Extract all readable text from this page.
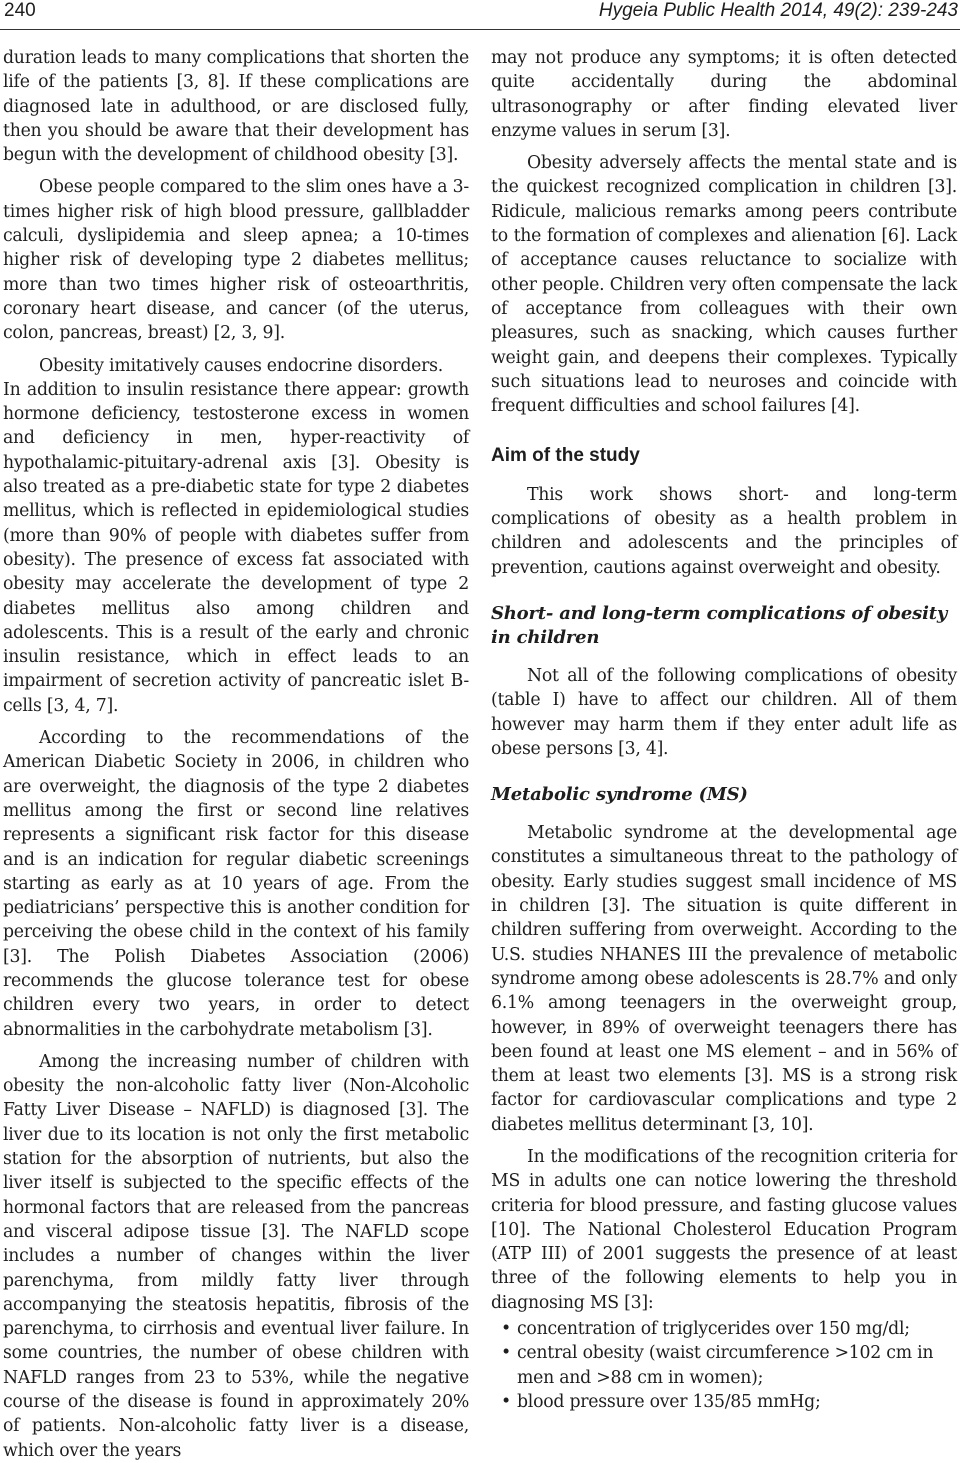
240	Hygeia Public Health 2014, 49(2): 239-243

duration leads to many complications that shorten the life of the patients [3, 8]. If these complications are diagnosed late in adulthood, or are disclosed fully, then you should be aware that their development has begun with the development of childhood obesity [3].

Obese people compared to the slim ones have a 3-times higher risk of high blood pressure, gallbladder calculi, dyslipidemia and sleep apnea; a 10-times higher risk of developing type 2 diabetes mellitus; more than two times higher risk of osteoarthritis, coronary heart disease, and cancer (of the uterus, colon, pancreas, breast) [2, 3, 9].

Obesity imitatively causes endocrine disorders.

In addition to insulin resistance there appear: growth hormone deficiency, testosterone excess in women and deficiency in men, hyper-reactivity of hypothalamic-pituitary-adrenal axis [3]. Obesity is also treated as a pre-diabetic state for type 2 diabetes mellitus, which is reflected in epidemiological studies (more than 90% of people with diabetes suffer from obesity). The presence of excess fat associated with obesity may accelerate the development of type 2 diabetes mellitus also among children and adolescents. This is a result of the early and chronic insulin resistance, which in effect leads to an impairment of secretion activity of pancreatic islet B-cells [3, 4, 7].

According to the recommendations of the American Diabetic Society in 2006, in children who are overweight, the diagnosis of the type 2 diabetes mellitus among the first or second line relatives represents a significant risk factor for this disease and is an indication for regular diabetic screenings starting as early as at 10 years of age. From the pediatricians’ perspective this is another condition for perceiving the obese child in the context of his family [3]. The Polish Diabetes Association (2006) recommends the glucose tolerance test for obese children every two years, in order to detect abnormalities in the carbohydrate metabolism [3].

Among the increasing number of children with obesity the non-alcoholic fatty liver (Non-Alcoholic Fatty Liver Disease – NAFLD) is diagnosed [3]. The liver due to its location is not only the first metabolic station for the absorption of nutrients, but also the liver itself is subjected to the specific effects of the hormonal factors that are released from the pancreas and visceral adipose tissue [3]. The NAFLD scope includes a number of changes within the liver parenchyma, from mildly fatty liver through accompanying the steatosis hepatitis, fibrosis of the parenchyma, to cirrhosis and eventual liver failure. In some countries, the number of obese children with NAFLD ranges from 23 to 53%, while the negative course of the disease is found in approximately 20% of patients. Non-alcoholic fatty liver is a disease, which over the years

may not produce any symptoms; it is often detected quite accidentally during the abdominal ultrasonography or after finding elevated liver enzyme values in serum [3].

Obesity adversely affects the mental state and is the quickest recognized complication in children [3]. Ridicule, malicious remarks among peers contribute to the formation of complexes and alienation [6]. Lack of acceptance causes reluctance to socialize with other people. Children very often compensate the lack of acceptance from colleagues with their own pleasures, such as snacking, which causes further weight gain, and deepens their complexes. Typically such situations lead to neuroses and coincide with frequent difficulties and school failures [4].

Aim of the study

This work shows short- and long-term complications of obesity as a health problem in children and adolescents and the principles of prevention, cautions against overweight and obesity.

Short- and long-term complications of obesity in children

Not all of the following complications of obesity (table I) have to affect our children. All of them however may harm them if they enter adult life as obese persons [3, 4].

Metabolic syndrome (MS)

Metabolic syndrome at the developmental age constitutes a simultaneous threat to the pathology of obesity. Early studies suggest small incidence of MS in children [3]. The situation is quite different in children suffering from overweight. According to the U.S. studies NHANES III the prevalence of metabolic syndrome among obese adolescents is 28.7% and only 6.1% among teenagers in the overweight group, however, in 89% of overweight teenagers there has been found at least one MS element – and in 56% of them at least two elements [3]. MS is a strong risk factor for cardiovascular complications and type 2 diabetes mellitus determinant [3, 10].

In the modifications of the recognition criteria for MS in adults one can notice lowering the threshold criteria for blood pressure, and fasting glucose values [10]. The National Cholesterol Education Program (ATP III) of 2001 suggests the presence of at least three of the following elements to help you in diagnosing MS [3]:

• concentration of triglycerides over 150 mg/dl;
• central obesity (waist circumference >102 cm in men and >88 cm in women);
• blood pressure over 135/85 mmHg;
